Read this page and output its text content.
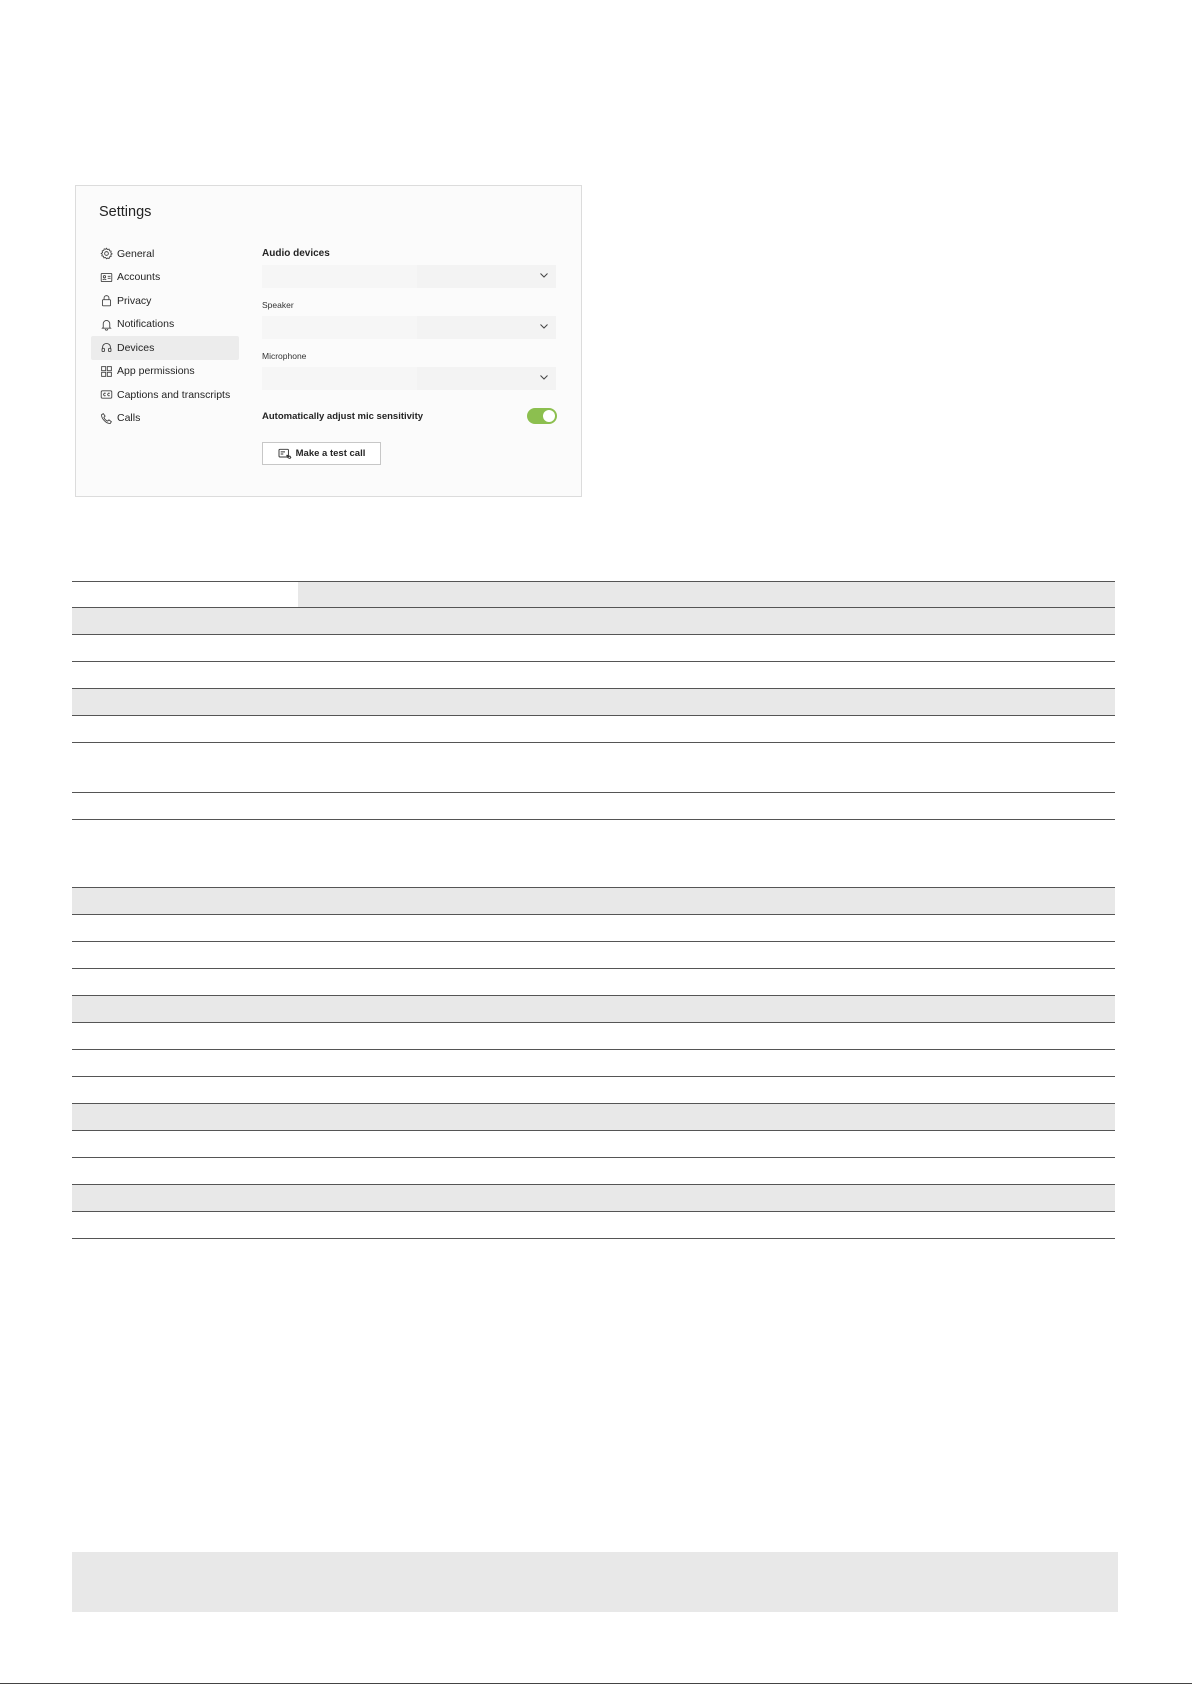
Settings
General
Accounts
Privacy
Notifications
Devices
App permissions
Captions and transcripts
Calls
Audio devices
Speaker
Microphone
Automatically adjust mic sensitivity
Make a test call
